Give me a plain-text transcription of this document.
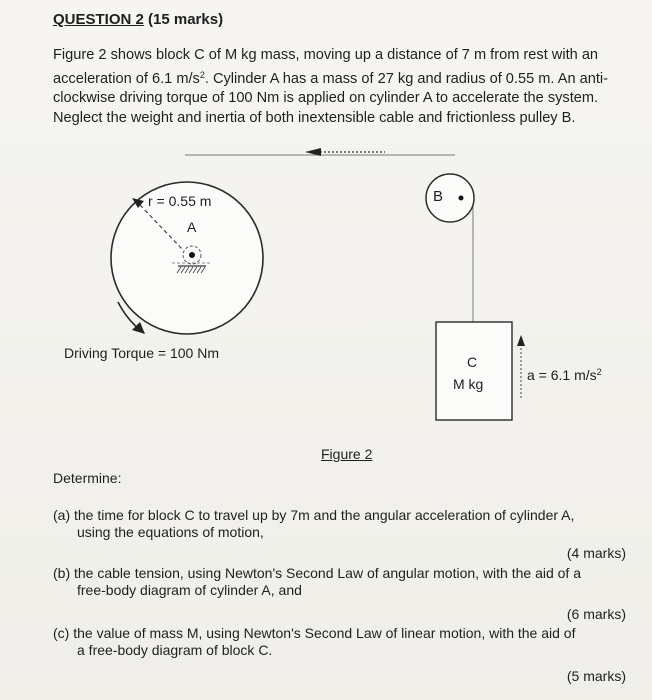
QUESTION 2 (15 marks)

Figure 2 shows block C of M kg mass, moving up a distance of 7 m from rest with an

acceleration of 6.1 $m/s^2$. Cylinder A has a mass of 27 kg and radius of 0.55 m. An anti-

clockwise driving torque of 100 Nm is applied on cylinder A to accelerate the system.

Neglect the weight and inertia of both inextensible cable and frictionless pulley B.

r = 0.55 m
A
B
C
M kg
Driving Torque = 100 Nm
a = 6.1 $m/s^2$
Figure 2
Determine:
(a) the time for block C to travel up by 7m and the angular acceleration of cylinder A,
using the equations of motion,
(4 marks)
(b) the cable tension, using Newton's Second Law of angular motion, with the aid of a
free-body diagram of cylinder A, and
(6 marks)
(c) the value of mass M, using Newton's Second Law of linear motion, with the aid of
a free-body diagram of block C.
(5 marks)
